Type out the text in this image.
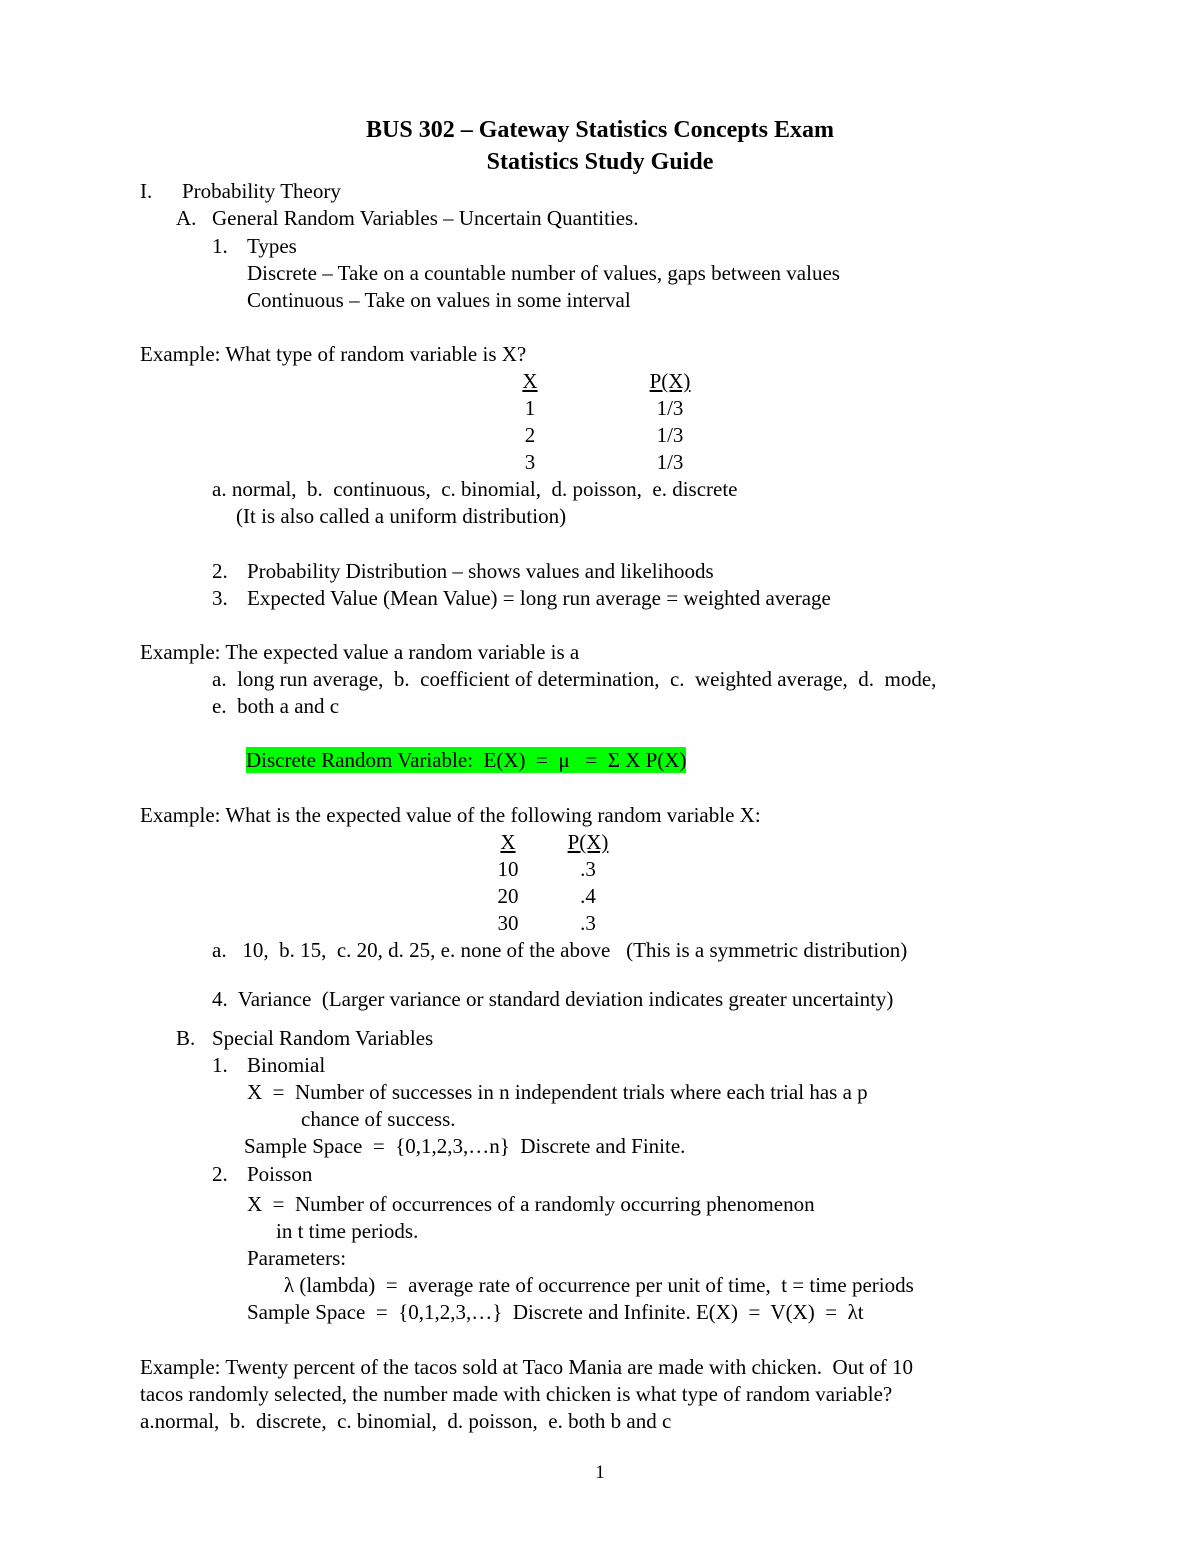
BUS 302 – Gateway Statistics Concepts Exam
Statistics Study Guide
I. Probability Theory
A. General Random Variables – Uncertain Quantities.
1. Types
Discrete – Take on a countable number of values, gaps between values
Continuous – Take on values in some interval
Example: What type of random variable is X?
X	P(X)
1	1/3
2	1/3
3	1/3
a. normal,  b.  continuous,  c. binomial,  d. poisson,  e. discrete
(It is also called a uniform distribution)
2. Probability Distribution – shows values and likelihoods
3. Expected Value (Mean Value) = long run average = weighted average
Example: The expected value a random variable is a
a.  long run average,  b.  coefficient of determination,  c.  weighted average,  d.  mode,
e.  both a and c
Discrete Random Variable:  E(X)  =  μ   =  Σ X P(X)
Example: What is the expected value of the following random variable X:
X	P(X)
10	.3
20	.4
30	.3
a.   10,  b. 15,  c. 20, d. 25, e. none of the above   (This is a symmetric distribution)
4.  Variance  (Larger variance or standard deviation indicates greater uncertainty)
B. Special Random Variables
1. Binomial
X  =  Number of successes in n independent trials where each trial has a p
chance of success.
Sample Space  =  {0,1,2,3,…n}  Discrete and Finite.
2. Poisson
X  =  Number of occurrences of a randomly occurring phenomenon
in t time periods.
Parameters:
λ (lambda)  =  average rate of occurrence per unit of time,  t = time periods
Sample Space  =  {0,1,2,3,…}  Discrete and Infinite. E(X)  =  V(X)  =  λt
Example: Twenty percent of the tacos sold at Taco Mania are made with chicken.  Out of 10
tacos randomly selected, the number made with chicken is what type of random variable?
a.normal,  b.  discrete,  c. binomial,  d. poisson,  e. both b and c
1
